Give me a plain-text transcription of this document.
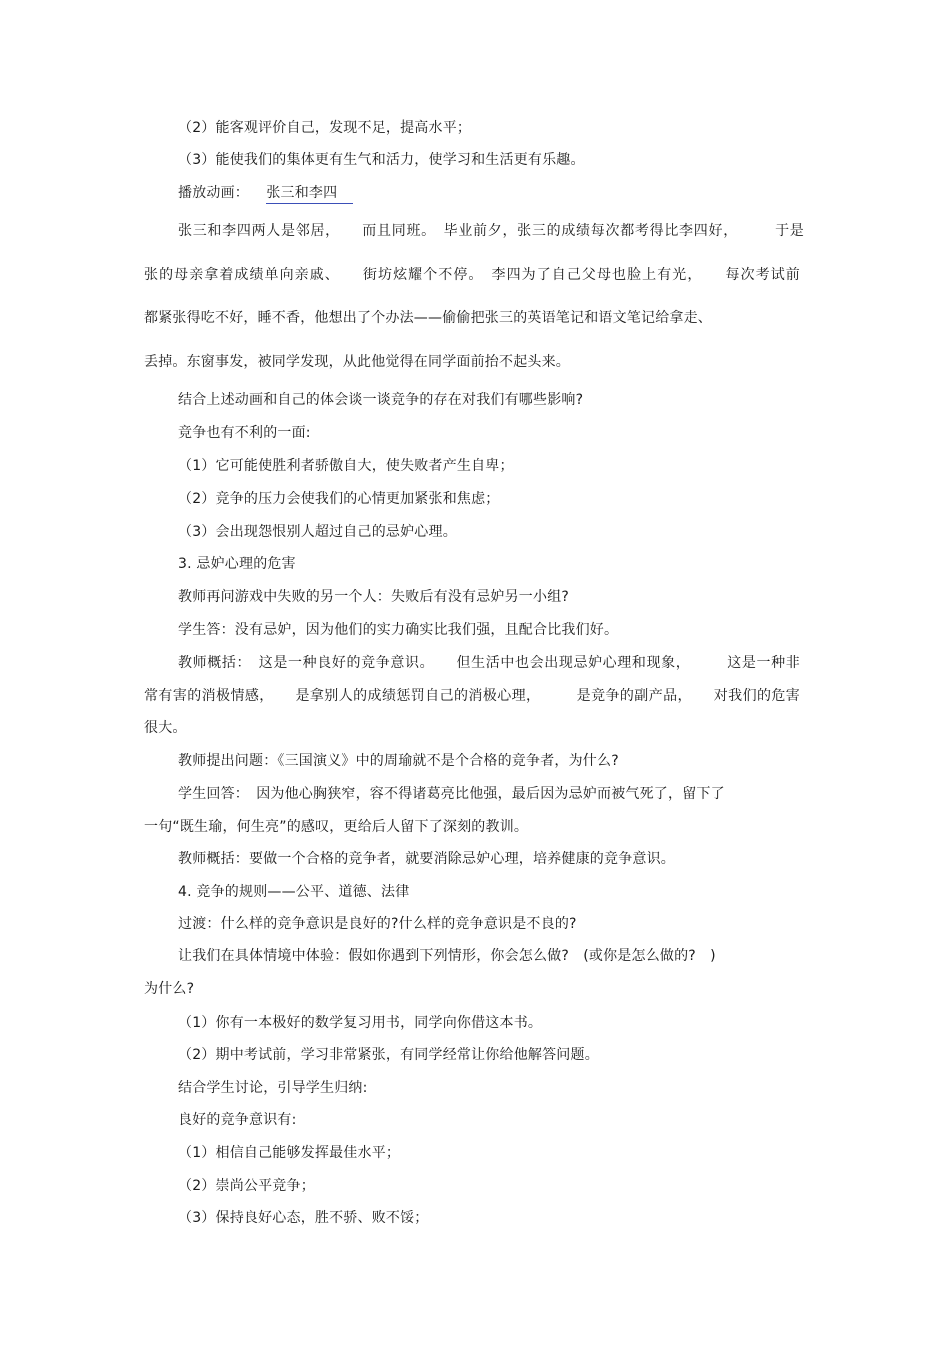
（2）能客观评价自己，发现不足，提高水平；

（3）能使我们的集体更有生气和活力，使学习和生活更有乐趣。

播放动画： 张三和李四

张三和李四两人是邻居，　　而且同班。　毕业前夕，张三的成绩每次都考得比李四好，　　　于是

张的母亲拿着成绩单向亲戚、　　街坊炫耀个不停。　李四为了自己父母也脸上有光，　　每次考试前

都紧张得吃不好，睡不香，他想出了个办法——偷偷把张三的英语笔记和语文笔记给拿走、

丢掉。东窗事发，被同学发现，从此他觉得在同学面前抬不起头来。

结合上述动画和自己的体会谈一谈竞争的存在对我们有哪些影响?

竞争也有不利的一面:

（1）它可能使胜利者骄傲自大，使失败者产生自卑；

（2）竞争的压力会使我们的心情更加紧张和焦虑；

（3）会出现怨恨别人超过自己的忌妒心理。

3. 忌妒心理的危害

教师再问游戏中失败的另一个人：失败后有没有忌妒另一小组?

学生答：没有忌妒，因为他们的实力确实比我们强，且配合比我们好。

教师概括：　这是一种良好的竞争意识。　　但生活中也会出现忌妒心理和现象，　　　这是一种非

常有害的消极情感，　　是拿别人的成绩惩罚自己的消极心理，　　　是竞争的副产品，　　对我们的危害

很大。

教师提出问题：《三国演义》中的周瑜就不是个合格的竞争者，为什么?

学生回答：　因为他心胸狭窄，容不得诸葛亮比他强，最后因为忌妒而被气死了，留下了

一句“既生瑜，何生亮”的感叹，更给后人留下了深刻的教训。

教师概括：要做一个合格的竞争者，就要消除忌妒心理，培养健康的竞争意识。

4. 竞争的规则——公平、道德、法律

过渡：什么样的竞争意识是良好的?什么样的竞争意识是不良的?

让我们在具体情境中体验：假如你遇到下列情形，你会怎么做?　(或你是怎么做的?　)

为什么?

（1）你有一本极好的数学复习用书，同学向你借这本书。

（2）期中考试前，学习非常紧张，有同学经常让你给他解答问题。

结合学生讨论，引导学生归纳:

良好的竞争意识有:

（1）相信自己能够发挥最佳水平；

（2）崇尚公平竞争；

（3）保持良好心态，胜不骄、败不馁；
